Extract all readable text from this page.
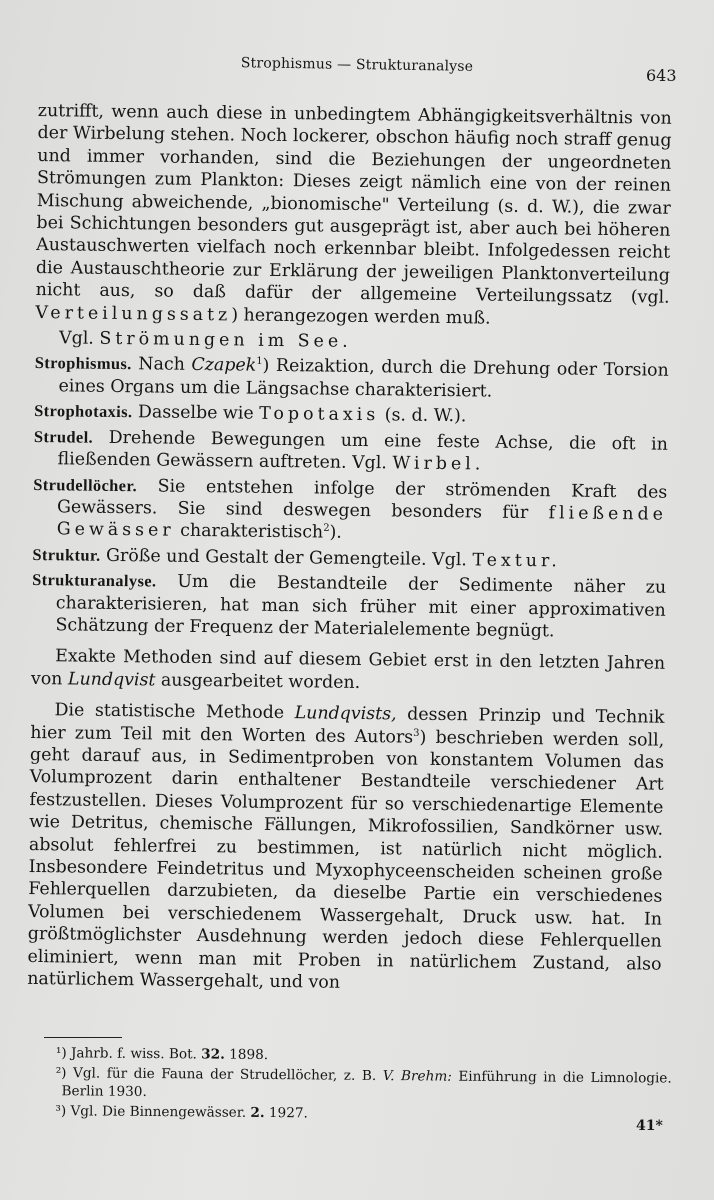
Strophismus — Strukturanalyse
643

zutrifft, wenn auch diese in unbedingtem Abhängigkeitsverhältnis von der Wirbelung stehen. Noch lockerer, obschon häufig noch straff genug und immer vorhanden, sind die Beziehungen der ungeordneten Strömungen zum Plankton: Dieses zeigt nämlich eine von der reinen Mischung abweichende, „bionomische" Verteilung (s. d. W.), die zwar bei Schichtungen besonders gut ausgeprägt ist, aber auch bei höheren Austauschwerten vielfach noch erkennbar bleibt. Infolgedessen reicht die Austauschtheorie zur Erklärung der jeweiligen Planktonverteilung nicht aus, so daß dafür der allgemeine Verteilungssatz (vgl. Verteilungssatz) herangezogen werden muß.

Vgl. Strömungen im See.

Strophismus. Nach Czapek$^1$) Reizaktion, durch die Drehung oder Torsion eines Organs um die Längsachse charakterisiert.

Strophotaxis. Dasselbe wie Topotaxis (s. d. W.).

Strudel. Drehende Bewegungen um eine feste Achse, die oft in fließenden Gewässern auftreten. Vgl. Wirbel.

Strudellöcher. Sie entstehen infolge der strömenden Kraft des Gewässers. Sie sind deswegen besonders für fließende Gewässer charakteristisch$^2$).

Struktur. Größe und Gestalt der Gemengteile. Vgl. Textur.

Strukturanalyse. Um die Bestandteile der Sedimente näher zu charakterisieren, hat man sich früher mit einer approximativen Schätzung der Frequenz der Materialelemente begnügt.

Exakte Methoden sind auf diesem Gebiet erst in den letzten Jahren von Lundqvist ausgearbeitet worden.

Die statistische Methode Lundqvists, dessen Prinzip und Technik hier zum Teil mit den Worten des Autors$^3$) beschrieben werden soll, geht darauf aus, in Sedimentproben von konstantem Volumen das Volumprozent darin enthaltener Bestandteile verschiedener Art festzustellen. Dieses Volumprozent für so verschiedenartige Elemente wie Detritus, chemische Fällungen, Mikrofossilien, Sandkörner usw. absolut fehlerfrei zu bestimmen, ist natürlich nicht möglich. Insbesondere Feindetritus und Myxophyceenscheiden scheinen große Fehlerquellen darzubieten, da dieselbe Partie ein verschiedenes Volumen bei verschiedenem Wassergehalt, Druck usw. hat. In größtmöglichster Ausdehnung werden jedoch diese Fehlerquellen eliminiert, wenn man mit Proben in natürlichem Zustand, also natürlichem Wassergehalt, und von

¹) Jahrb. f. wiss. Bot. 32. 1898.

²) Vgl. für die Fauna der Strudellöcher, z. B. V. Brehm: Einführung in die Limnologie. Berlin 1930.

³) Vgl. Die Binnengewässer. 2. 1927.

41*
